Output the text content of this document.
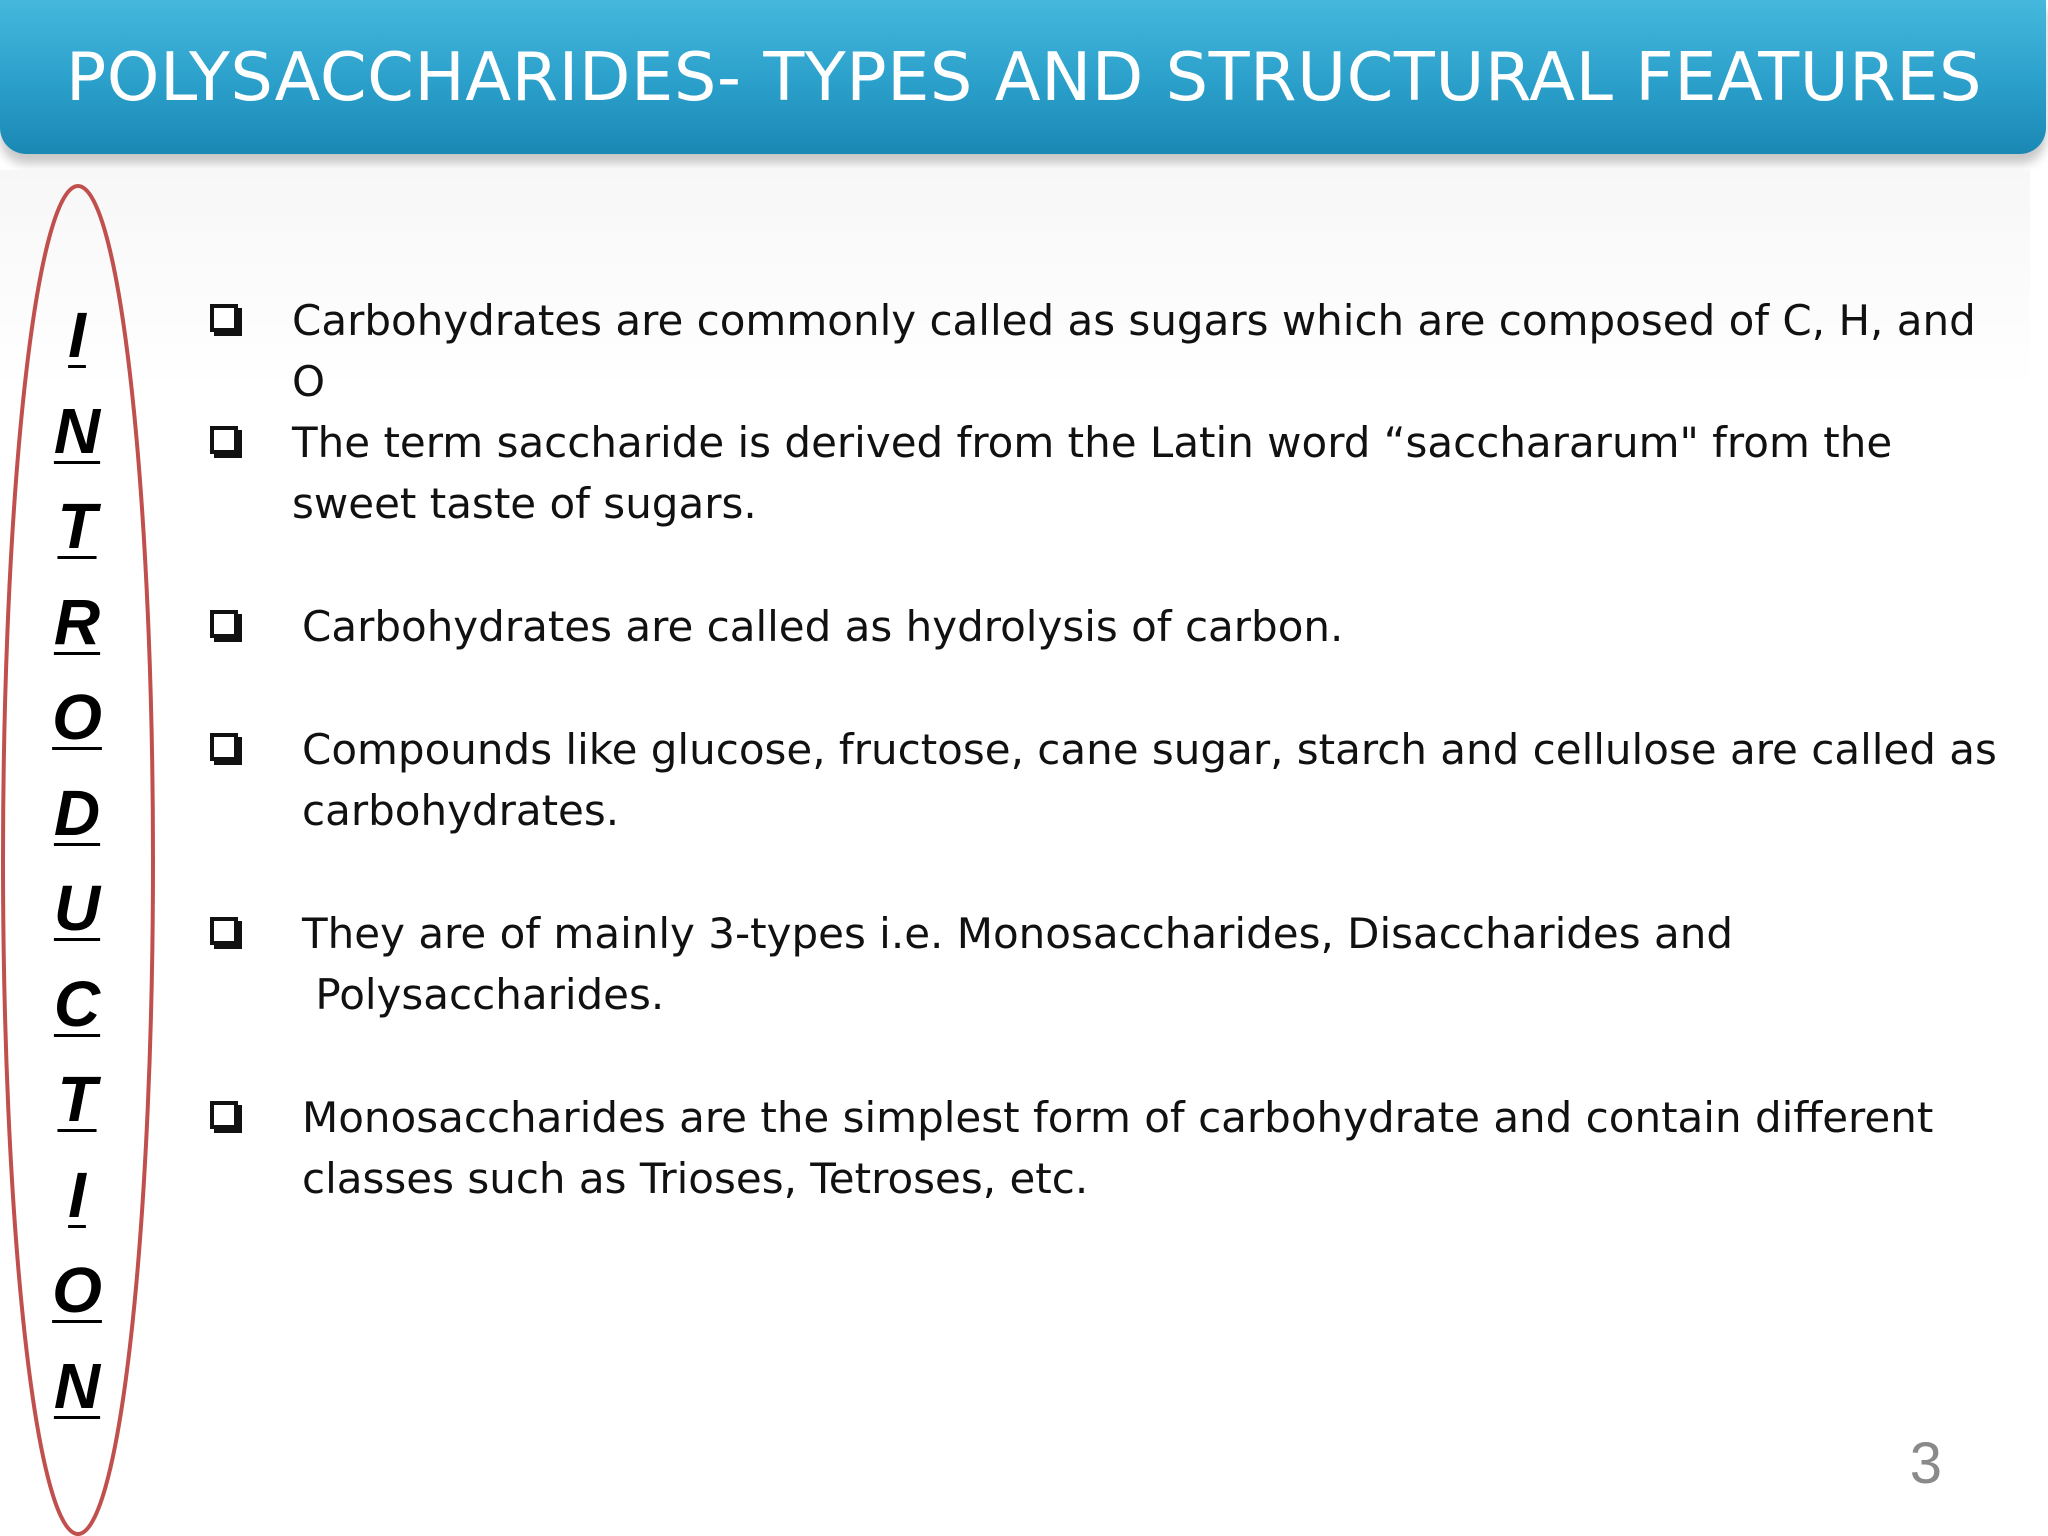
POLYSACCHARIDES- TYPES AND STRUCTURAL FEATURES
I
N
T
R
O
D
U
C
T
I
O
N
Carbohydrates are commonly called as sugars which are composed of C, H, and O
The term saccharide is derived from the Latin word “sacchararum" from the
sweet taste of sugars.
Carbohydrates are called as hydrolysis of carbon.
Compounds like glucose, fructose, cane sugar, starch and cellulose are called as
carbohydrates.
They are of mainly 3-types i.e. Monosaccharides, Disaccharides and
Polysaccharides.
Monosaccharides are the simplest form of carbohydrate and contain different
classes such as Trioses, Tetroses, etc.
3
